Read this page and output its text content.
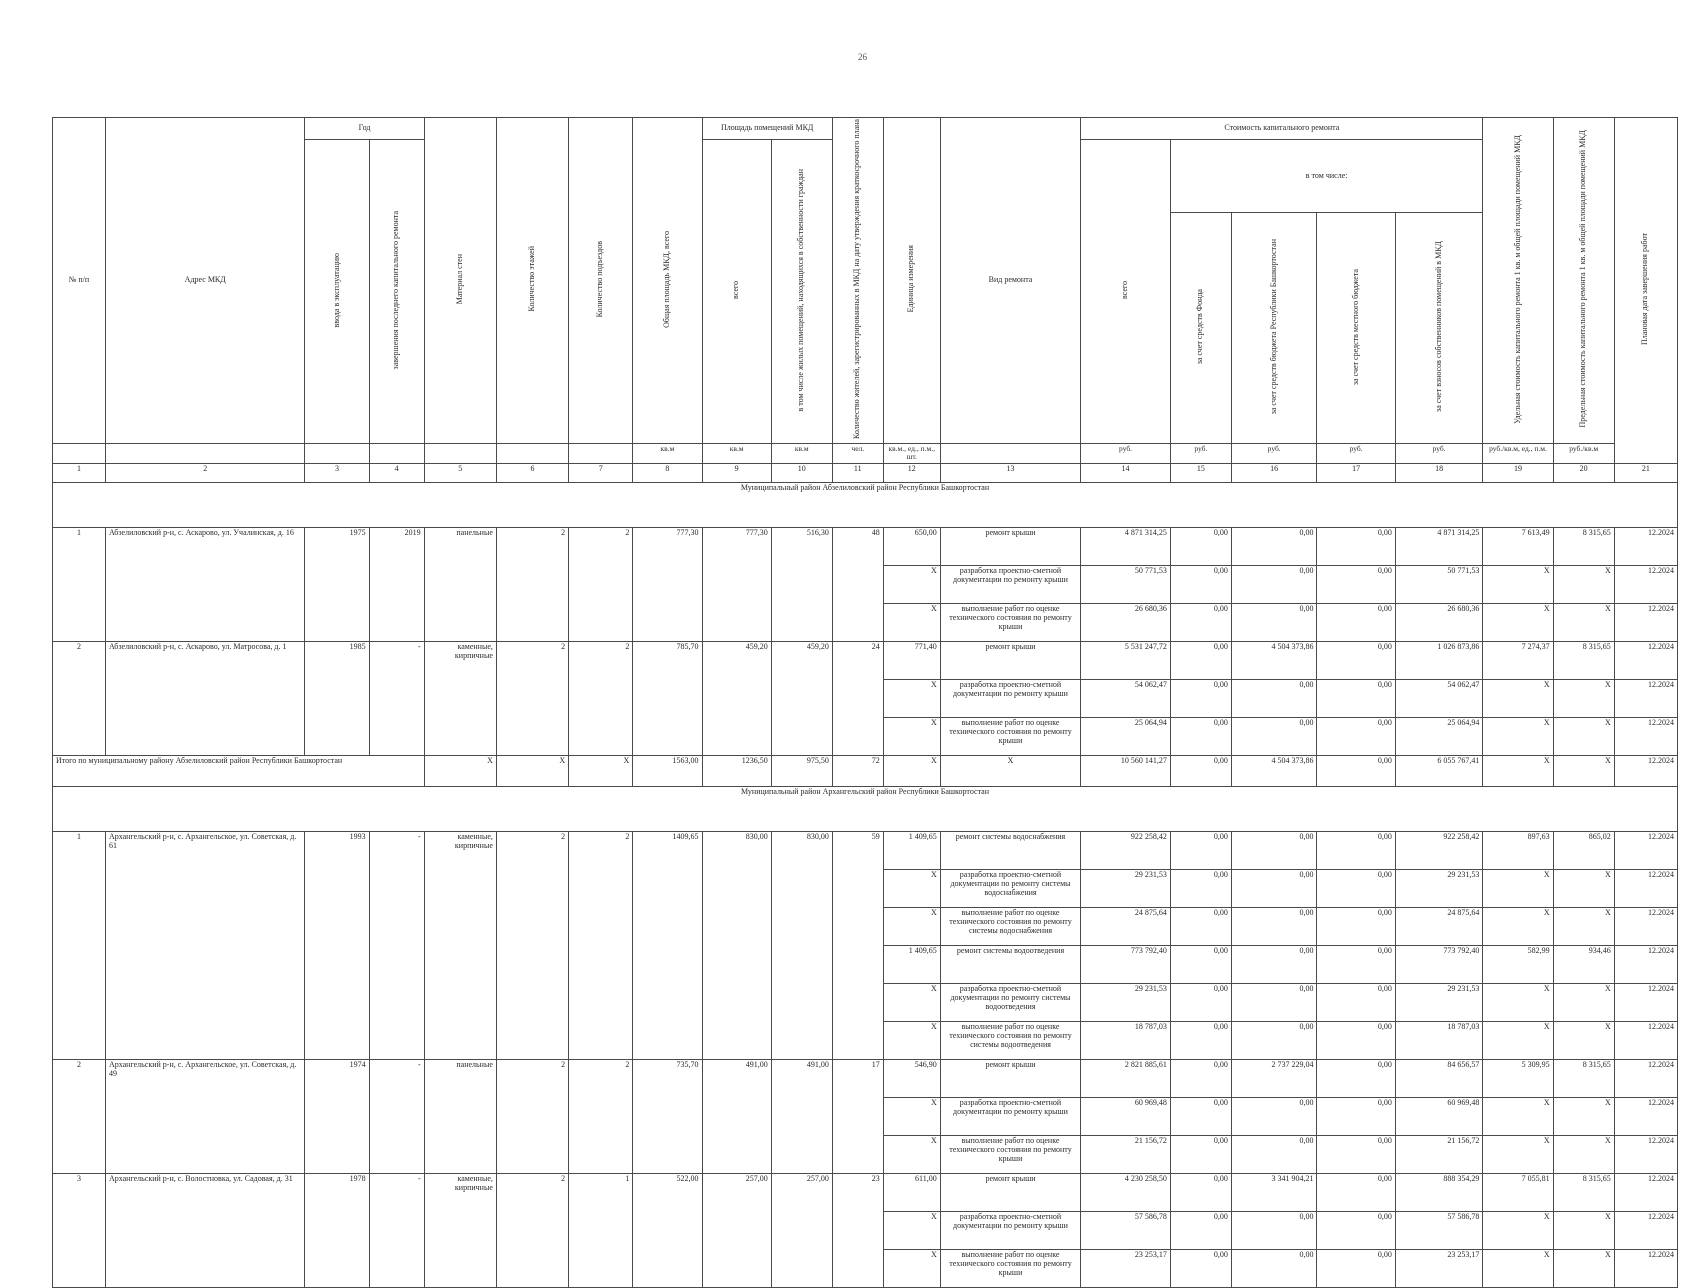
26
№ п/п	Адрес МКД	Год		Материал стен	Количество этажей	Количество подъездов	Общая площадь МКД, всего	Площадь помещений МКД		Количество жителей, зарегистрированных в МКД на дату утверждения краткосрочного плана	Единица измерения	Вид ремонта	Стоимость капитального ремонта					Удельная стоимость капитального ремонта 1 кв. м общей площади помещений МКД	Предельная стоимость капитального ремонта 1 кв. м общей площади помещений МКД	Плановая дата завершения работ
		ввода в эксплуатацию	завершения последнего капитального ремонта					всего	в том числе жилых помещений, находящихся в собственности граждан				всего	в том числе:						
														за счет средств Фонда	за счет средств бюджета Республики Башкортостан	за счет средств местного бюджета	за счет взносов собственников помещений в МКД			
							кв.м	кв.м	кв.м	чел.	кв.м., ед., п.м., шт.		руб.	руб.	руб.	руб.	руб.	руб./кв.м, ед., п.м.	руб./кв.м	
1	2	3	4	5	6	7	8	9	10	11	12	13	14	15	16	17	18	19	20	21
Муниципальный район Абзелиловский район Республики Башкортостан																				
1	Абзелиловский р-н, с. Аскарово, ул. Учалинская, д. 16	1975	2019	панельные	2	2	777,30	777,30	516,30	48	650,00	ремонт крыши	4 871 314,25	0,00	0,00	0,00	4 871 314,25	7 613,49	8 315,65	12.2024
											X	разработка проектно-сметной документации по ремонту крыши	50 771,53	0,00	0,00	0,00	50 771,53	X	X	12.2024
											X	выполнение работ по оценке технического состояния по ремонту крыши	26 680,36	0,00	0,00	0,00	26 680,36	X	X	12.2024
2	Абзелиловский р-н, с. Аскарово, ул. Матросова, д. 1	1985	-	каменные, кирпичные	2	2	785,70	459,20	459,20	24	771,40	ремонт крыши	5 531 247,72	0,00	4 504 373,86	0,00	1 026 873,86	7 274,37	8 315,65	12.2024
											X	разработка проектно-сметной документации по ремонту крыши	54 062,47	0,00	0,00	0,00	54 062,47	X	X	12.2024
											X	выполнение работ по оценке технического состояния по ремонту крыши	25 064,94	0,00	0,00	0,00	25 064,94	X	X	12.2024
Итого по муниципальному району Абзелиловский район Республики Башкортостан				X	X	X	1563,00	1236,50	975,50	72	X	X	10 560 141,27	0,00	4 504 373,86	0,00	6 055 767,41	X	X	12.2024
Муниципальный район Архангельский район Республики Башкортостан																				
1	Архангельский р-н, с. Архангельское, ул. Советская, д. 61	1993	-	каменные, кирпичные	2	2	1409,65	830,00	830,00	59	1 409,65	ремонт системы водоснабжения	922 258,42	0,00	0,00	0,00	922 258,42	897,63	865,02	12.2024
											X	разработка проектно-сметной документации по ремонту системы водоснабжения	29 231,53	0,00	0,00	0,00	29 231,53	X	X	12.2024
											X	выполнение работ по оценке технического состояния по ремонту системы водоснабжения	24 875,64	0,00	0,00	0,00	24 875,64	X	X	12.2024
											1 409,65	ремонт системы водоотведения	773 792,40	0,00	0,00	0,00	773 792,40	582,99	934,46	12.2024
											X	разработка проектно-сметной документации по ремонту системы водоотведения	29 231,53	0,00	0,00	0,00	29 231,53	X	X	12.2024
											X	выполнение работ по оценке технического состояния по ремонту системы водоотведения	18 787,03	0,00	0,00	0,00	18 787,03	X	X	12.2024
2	Архангельский р-н, с. Архангельское, ул. Советская, д. 49	1974	-	панельные	2	2	735,70	491,00	491,00	17	546,90	ремонт крыши	2 821 885,61	0,00	2 737 229,04	0,00	84 656,57	5 309,95	8 315,65	12.2024
											X	разработка проектно-сметной документации по ремонту крыши	60 969,48	0,00	0,00	0,00	60 969,48	X	X	12.2024
											X	выполнение работ по оценке технического состояния по ремонту крыши	21 156,72	0,00	0,00	0,00	21 156,72	X	X	12.2024
3	Архангельский р-н, с. Волостновка, ул. Садовая, д. 31	1978	-	каменные, кирпичные	2	1	522,00	257,00	257,00	23	611,00	ремонт крыши	4 230 258,50	0,00	3 341 904,21	0,00	888 354,29	7 055,81	8 315,65	12.2024
											X	разработка проектно-сметной документации по ремонту крыши	57 586,78	0,00	0,00	0,00	57 586,78	X	X	12.2024
											X	выполнение работ по оценке технического состояния по ремонту крыши	23 253,17	0,00	0,00	0,00	23 253,17	X	X	12.2024
